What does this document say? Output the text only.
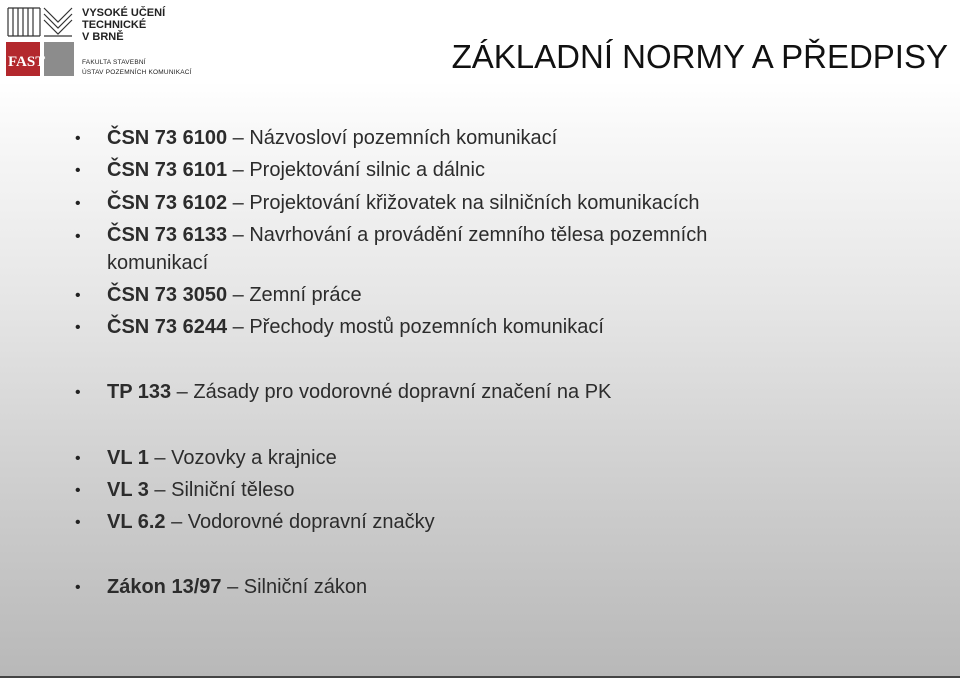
FAST
VYSOKÉ UČENÍ
TECHNICKÉ
V BRNĚ
FAKULTA STAVEBNÍ
ÚSTAV POZEMNÍCH KOMUNIKACÍ	ZÁKLADNÍ NORMY A PŘEDPISY
• ČSN 73 6100 – Názvosloví pozemních komunikací
• ČSN 73 6101 – Projektování silnic a dálnic
• ČSN 73 6102 – Projektování křižovatek na silničních komunikacích
• ČSN 73 6133 – Navrhování a provádění zemního tělesa pozemních komunikací
• ČSN 73 3050 – Zemní práce
• ČSN 73 6244 – Přechody mostů pozemních komunikací
• TP 133 – Zásady pro vodorovné dopravní značení na PK
• VL 1 – Vozovky a krajnice
• VL 3 – Silniční těleso
• VL 6.2 – Vodorovné dopravní značky
• Zákon 13/97 – Silniční zákon
